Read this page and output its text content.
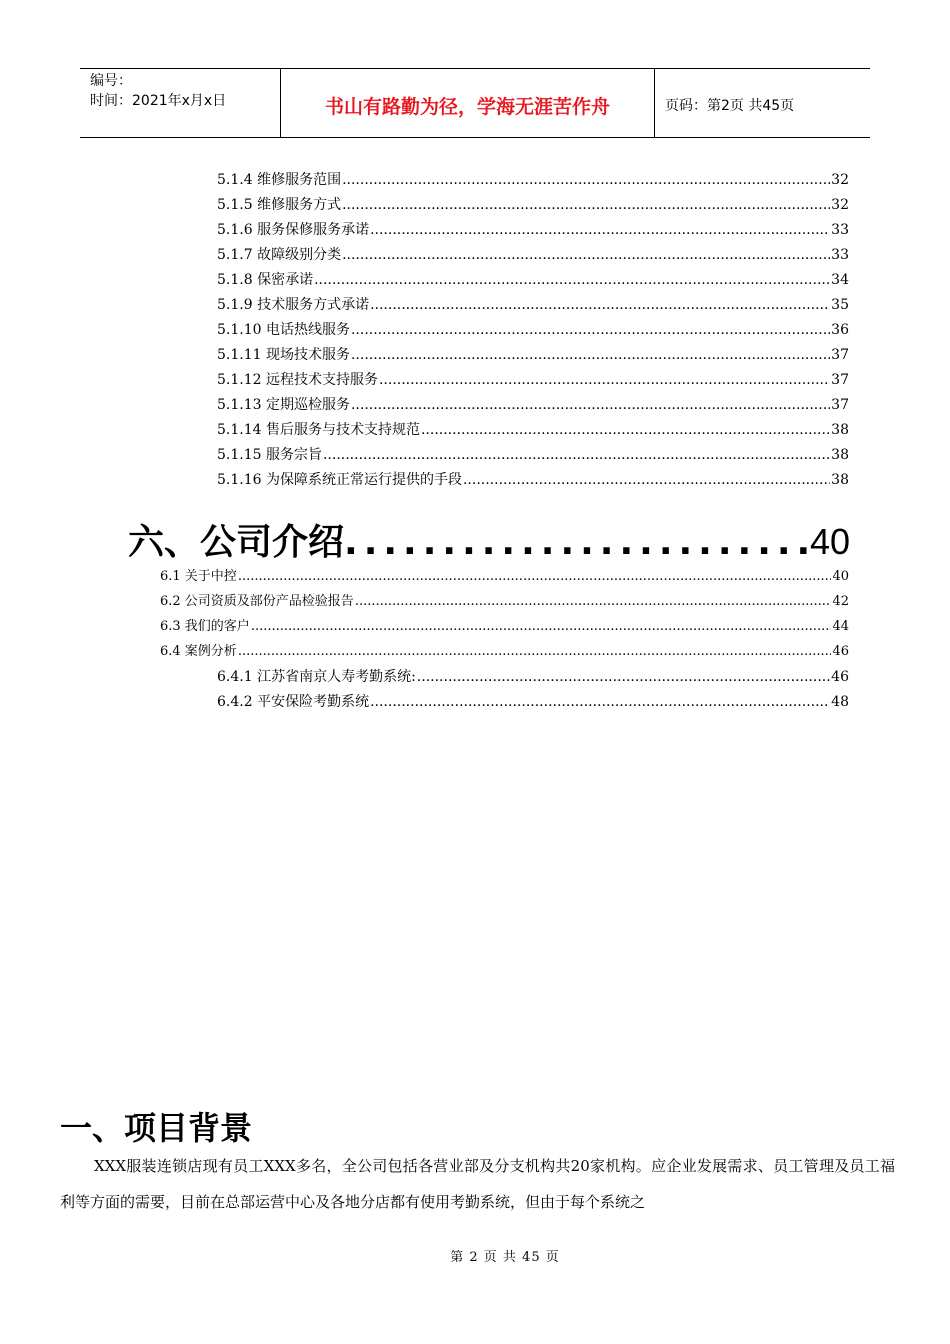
编号：
时间：2021年x月x日	书山有路勤为径，学海无涯苦作舟	页码：第2页 共45页
5.1.4 维修服务范围 .....	32
5.1.5 维修服务方式 .....	32
5.1.6 服务保修服务承诺 .....	33
5.1.7 故障级别分类 .....	33
5.1.8 保密承诺 .....	34
5.1.9 技术服务方式承诺 .....	35
5.1.10 电话热线服务 .....	36
5.1.11 现场技术服务 .....	37
5.1.12 远程技术支持服务 .....	37
5.1.13 定期巡检服务 .....	37
5.1.14 售后服务与技术支持规范 .....	38
5.1.15 服务宗旨 .....	38
5.1.16 为保障系统正常运行提供的手段 .....	38
六、公司介绍 .....	40
6.1 关于中控 .....	40
6.2 公司资质及部份产品检验报告 .....	42
6.3 我们的客户 .....	44
6.4 案例分析 .....	46
6.4.1 江苏省南京人寿考勤系统: .....	46
6.4.2 平安保险考勤系统 .....	48
一、项目背景
XXX服装连锁店现有员工XXX多名，全公司包括各营业部及分支机构共20家机构。应企业发展需求、员工管理及员工福利等方面的需要，目前在总部运营中心及各地分店都有使用考勤系统，但由于每个系统之
第 2 页 共 45 页
